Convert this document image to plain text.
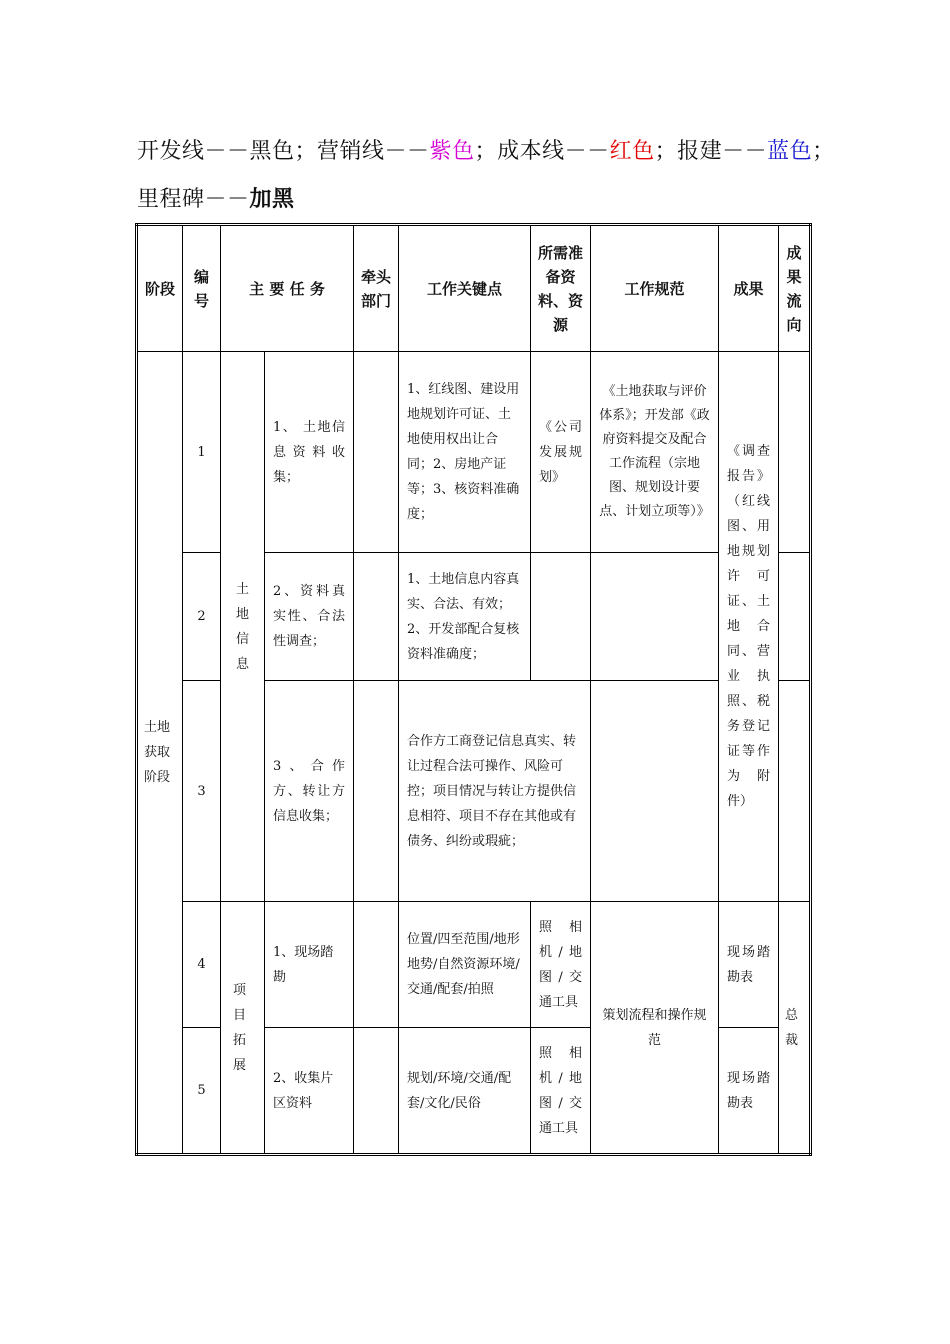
开发线－－黑色；营销线－－紫色；成本线－－红色；报建－－蓝色；
里程碑－－加黑
阶段	编号	主 要 任 务		牵头部门	工作关键点	所需准备资料、资源	工作规范	成果	成果流向

土地获取阶段	1	土地信息	1、 土地信息资料收集；		1、红线图、建设用地规划许可证、土地使用权出让合同；2、房地产证等；3、核资料准确度；	《公司发展规划》	《土地获取与评价体系》；开发部《政府资料提交及配合工作流程（宗地图、规划设计要点、计划立项等）》	《调查报告》（红线图、用地规划许可证、土地合同、营业执照、税务登记证等作为附件）	
	2		2、资料真实性、合法性调查；		1、土地信息内容真实、合法、有效；2、开发部配合复核资料准确度；				
	3		3、合作方、转让方信息收集；		合作方工商登记信息真实、转让过程合法可操作、风险可控；项目情况与转让方提供信息相符、项目不存在其他或有债务、纠纷或瑕疵；				
	4	项目拓展	1、现场踏勘		位置/四至范围/地形地势/自然资源环境/交通/配套/拍照	照相机/地图/交通工具	策划流程和操作规范	现场踏勘表	总裁
	5		2、收集片区资料		规划/环境/交通/配套/文化/民俗	照相机/地图/交通工具		现场踏勘表	
